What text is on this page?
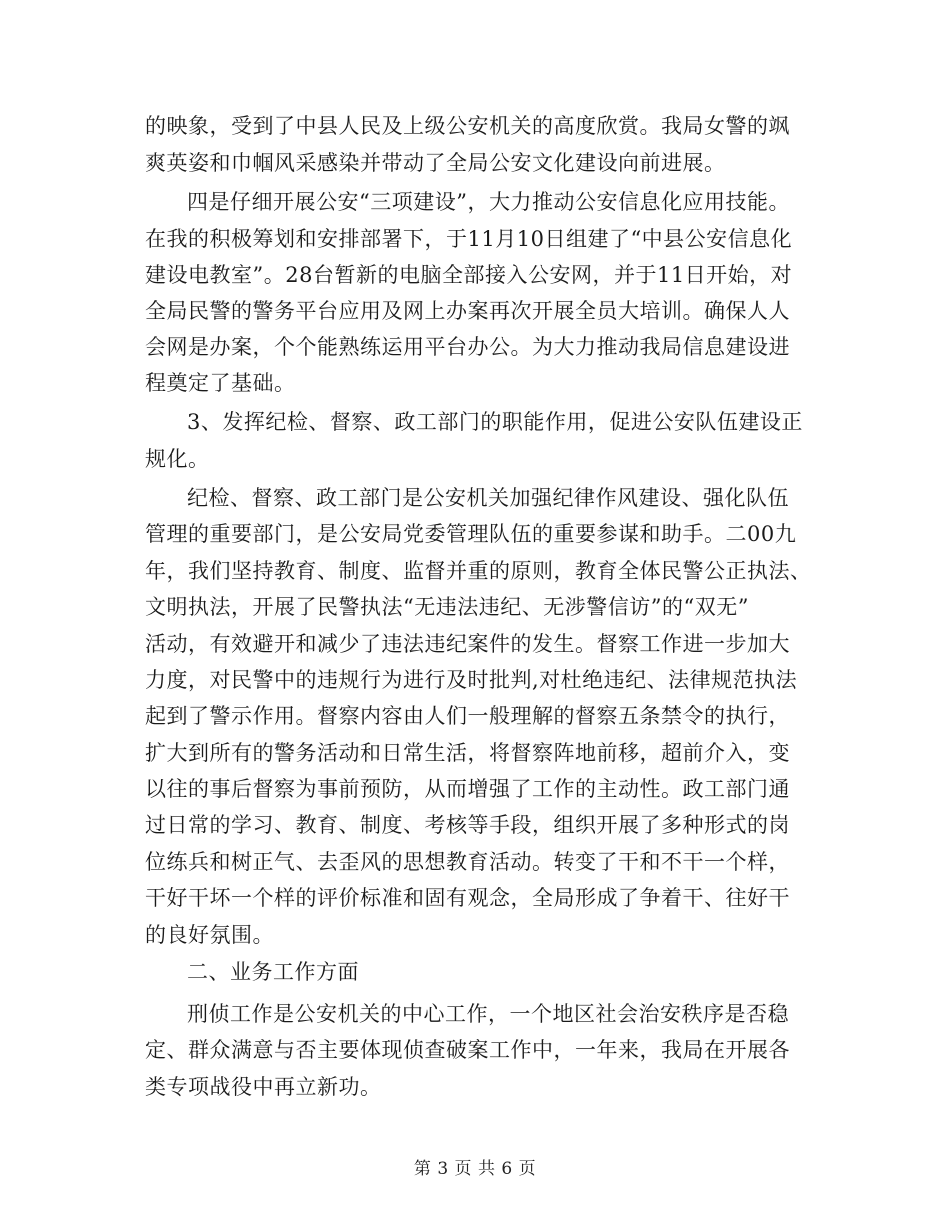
的映象，受到了中县人民及上级公安机关的高度欣赏。我局女警的飒
爽英姿和巾帼风采感染并带动了全局公安文化建设向前进展。
四是仔细开展公安“三项建设”，大力推动公安信息化应用技能。
在我的积极筹划和安排部署下，于11月10日组建了“中县公安信息化
建设电教室”。28台暂新的电脑全部接入公安网，并于11日开始，对
全局民警的警务平台应用及网上办案再次开展全员大培训。确保人人
会网是办案，个个能熟练运用平台办公。为大力推动我局信息建设进
程奠定了基础。
3、发挥纪检、督察、政工部门的职能作用，促进公安队伍建设正
规化。
纪检、督察、政工部门是公安机关加强纪律作风建设、强化队伍
管理的重要部门，是公安局党委管理队伍的重要参谋和助手。二00九
年，我们坚持教育、制度、监督并重的原则，教育全体民警公正执法、
文明执法，开展了民警执法“无违法违纪、无涉警信访”的“双无”
活动，有效避开和减少了违法违纪案件的发生。督察工作进一步加大
力度，对民警中的违规行为进行及时批判,对杜绝违纪、法律规范执法
起到了警示作用。督察内容由人们一般理解的督察五条禁令的执行，
扩大到所有的警务活动和日常生活，将督察阵地前移，超前介入，变
以往的事后督察为事前预防，从而增强了工作的主动性。政工部门通
过日常的学习、教育、制度、考核等手段，组织开展了多种形式的岗
位练兵和树正气、去歪风的思想教育活动。转变了干和不干一个样，
干好干坏一个样的评价标准和固有观念，全局形成了争着干、往好干
的良好氛围。
二、业务工作方面
刑侦工作是公安机关的中心工作，一个地区社会治安秩序是否稳
定、群众满意与否主要体现侦查破案工作中，一年来，我局在开展各
类专项战役中再立新功。
第 3 页 共 6 页
